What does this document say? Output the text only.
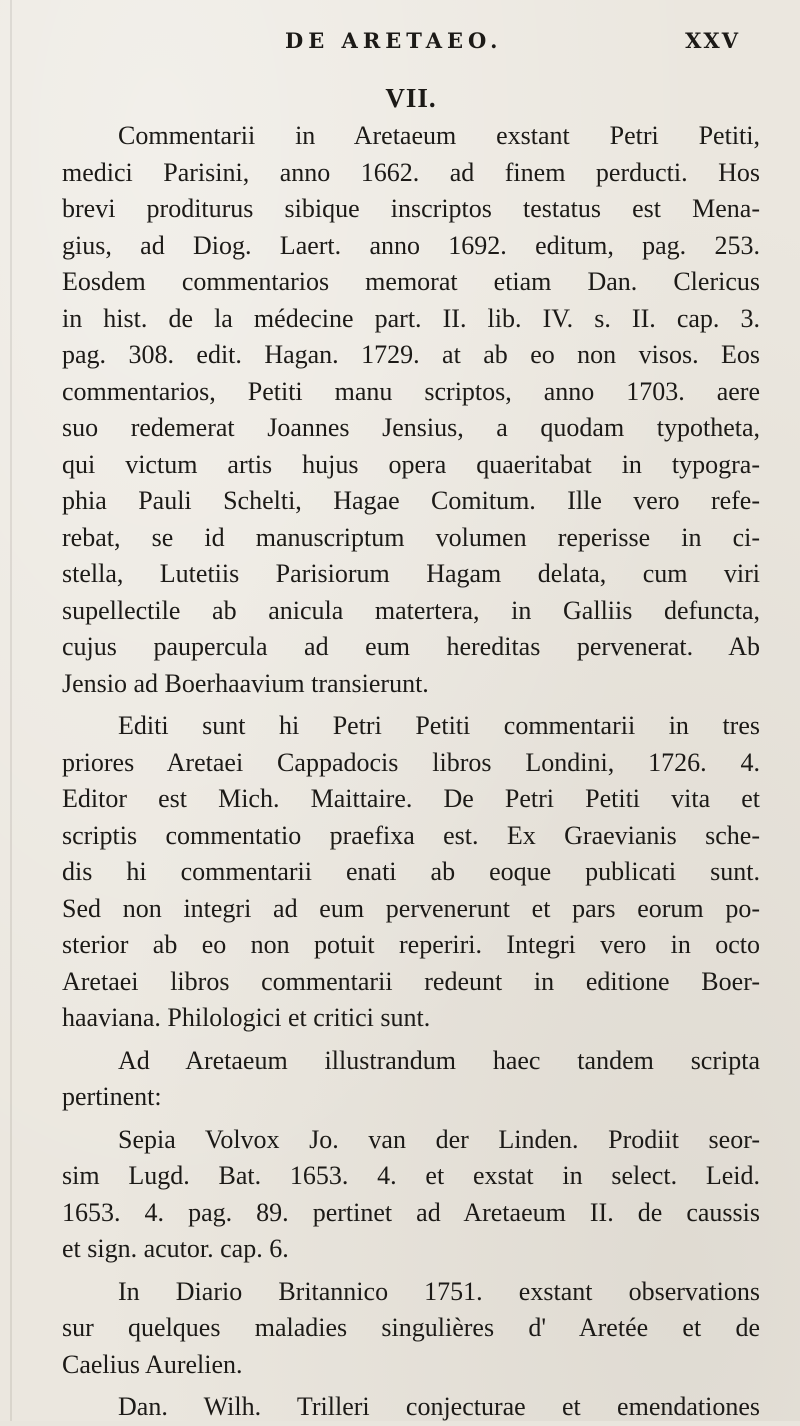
DE ARETAEO.	XXV
VII.

Commentarii in Aretaeum exstant Petri Petiti,
medici Parisini, anno 1662. ad finem perducti. Hos
brevi proditurus sibique inscriptos testatus est Mena-
gius, ad Diog. Laert. anno 1692. editum, pag. 253.
Eosdem commentarios memorat etiam Dan. Clericus
in hist. de la médecine part. II. lib. IV. s. II. cap. 3.
pag. 308. edit. Hagan. 1729. at ab eo non visos. Eos
commentarios, Petiti manu scriptos, anno 1703. aere
suo redemerat Joannes Jensius, a quodam typotheta,
qui victum artis hujus opera quaeritabat in typogra-
phia Pauli Schelti, Hagae Comitum. Ille vero refe-
rebat, se id manuscriptum volumen reperisse in ci-
stella, Lutetiis Parisiorum Hagam delata, cum viri
supellectile ab anicula matertera, in Galliis defuncta,
cujus paupercula ad eum hereditas pervenerat. Ab
Jensio ad Boerhaavium transierunt.

Editi sunt hi Petri Petiti commentarii in tres
priores Aretaei Cappadocis libros Londini, 1726. 4.
Editor est Mich. Maittaire. De Petri Petiti vita et
scriptis commentatio praefixa est. Ex Graevianis sche-
dis hi commentarii enati ab eoque publicati sunt.
Sed non integri ad eum pervenerunt et pars eorum po-
sterior ab eo non potuit reperiri. Integri vero in octo
Aretaei libros commentarii redeunt in editione Boer-
haaviana. Philologici et critici sunt.

Ad Aretaeum illustrandum haec tandem scripta
pertinent:

Sepia Volvox Jo. van der Linden. Prodiit seor-
sim Lugd. Bat. 1653. 4. et exstat in select. Leid.
1653. 4. pag. 89. pertinet ad Aretaeum II. de caussis
et sign. acutor. cap. 6.

In Diario Britannico 1751. exstant observations
sur quelques maladies singulières d' Aretée et de
Caelius Aurelien.

Dan. Wilh. Trilleri conjecturae et emendationes
